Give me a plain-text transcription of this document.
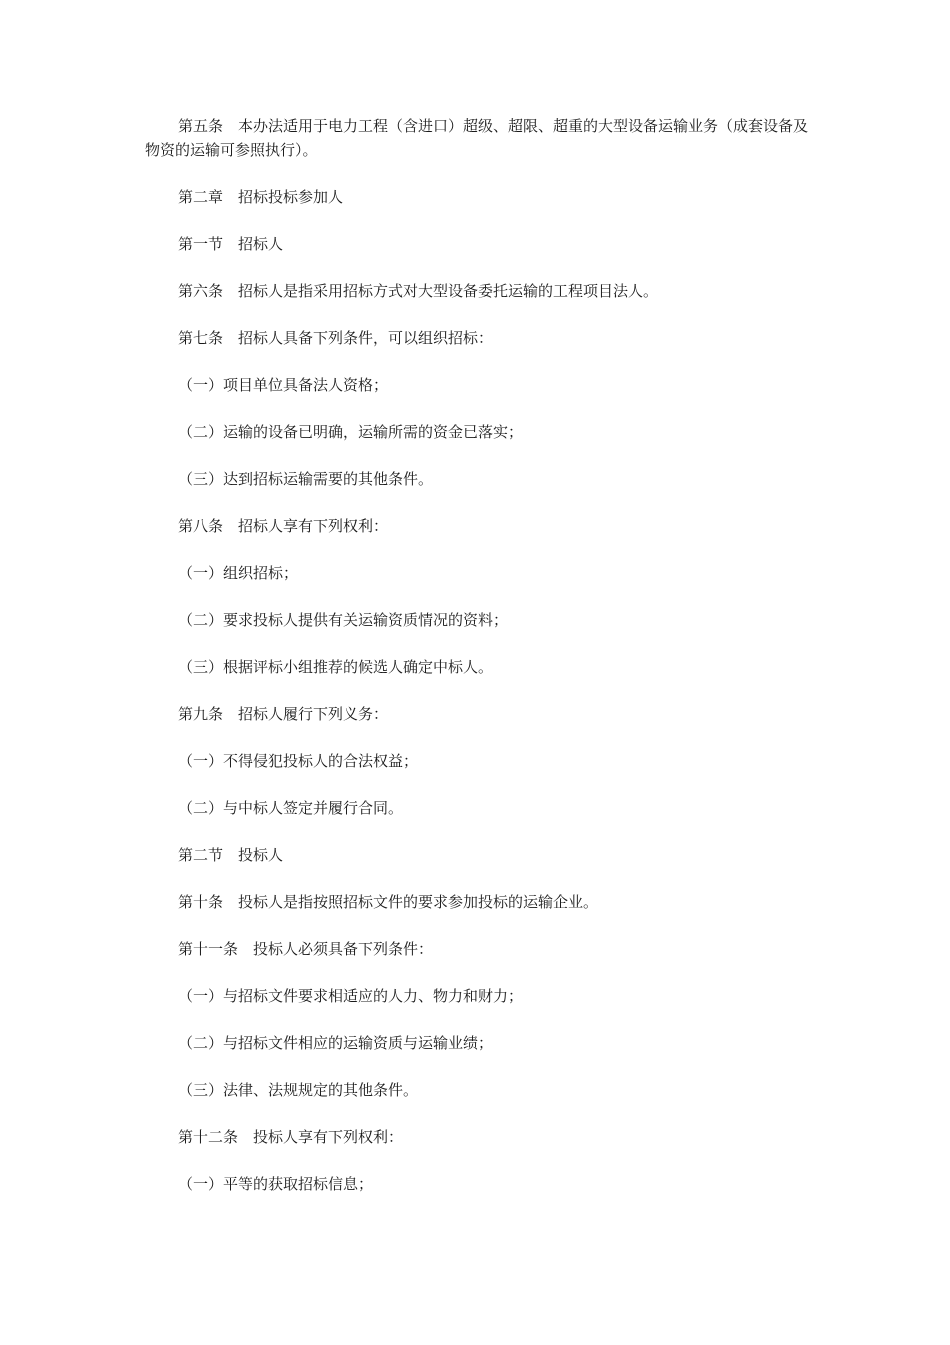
第五条　本办法适用于电力工程（含进口）超级、超限、超重的大型设备运输业务（成套设备及物资的运输可参照执行）。

第二章　招标投标参加人

第一节　招标人

第六条　招标人是指采用招标方式对大型设备委托运输的工程项目法人。

第七条　招标人具备下列条件，可以组织招标：

（一）项目单位具备法人资格；

（二）运输的设备已明确，运输所需的资金已落实；

（三）达到招标运输需要的其他条件。

第八条　招标人享有下列权利：

（一）组织招标；

（二）要求投标人提供有关运输资质情况的资料；

（三）根据评标小组推荐的候选人确定中标人。

第九条　招标人履行下列义务：

（一）不得侵犯投标人的合法权益；

（二）与中标人签定并履行合同。

第二节　投标人

第十条　投标人是指按照招标文件的要求参加投标的运输企业。

第十一条　投标人必须具备下列条件：

（一）与招标文件要求相适应的人力、物力和财力；

（二）与招标文件相应的运输资质与运输业绩；

（三）法律、法规规定的其他条件。

第十二条　投标人享有下列权利：

（一）平等的获取招标信息；
